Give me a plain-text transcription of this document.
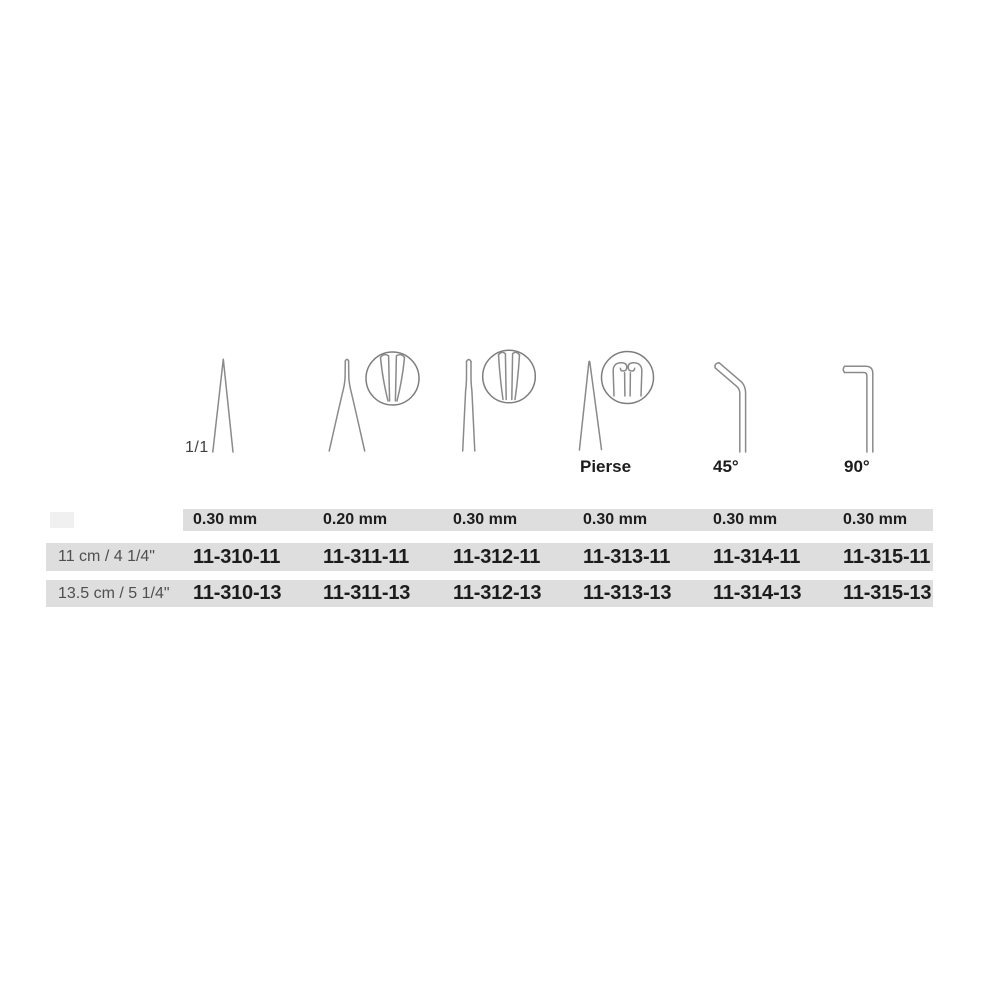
1/1
Pierse	45°	90°
0.30 mm	0.20 mm	0.30 mm	0.30 mm	0.30 mm	0.30 mm
11 cm / 4 1/4" 11-310-11 11-311-11 11-312-11 11-313-11 11-314-11 11-315-11
13.5 cm / 5 1/4" 11-310-13 11-311-13 11-312-13 11-313-13 11-314-13 11-315-13
